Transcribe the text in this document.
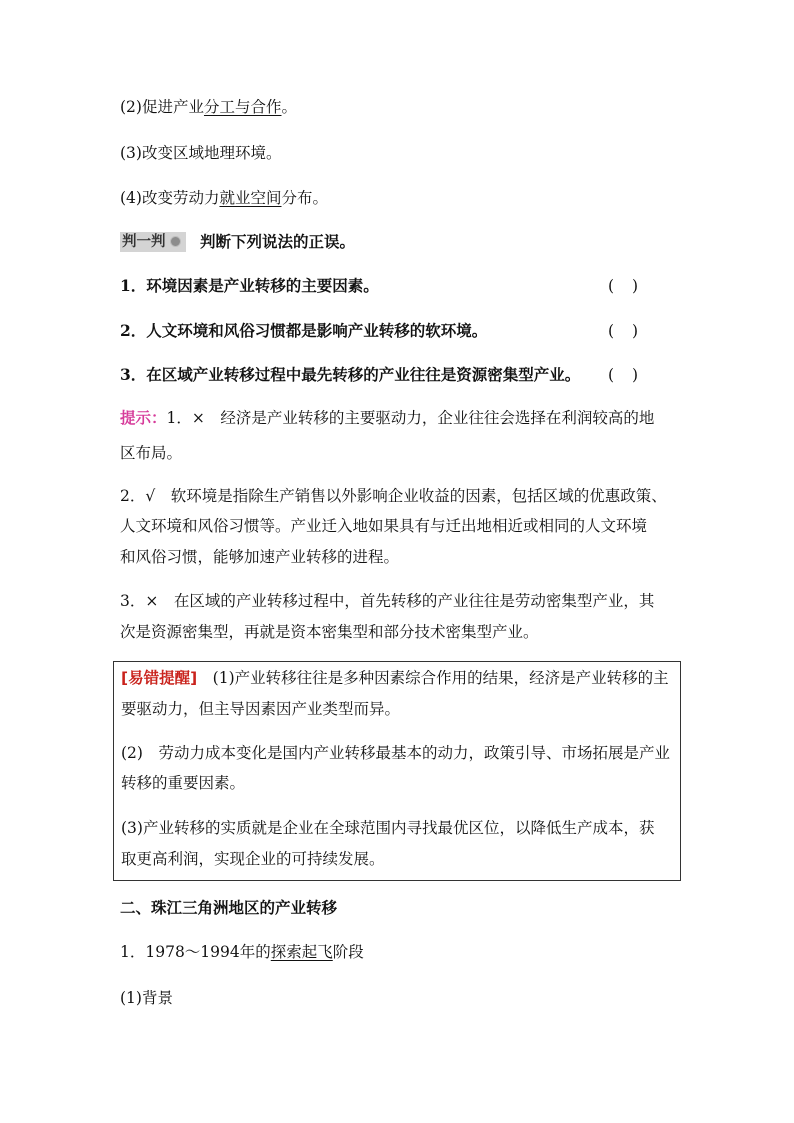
(2)促进产业分工与合作。
(3)改变区域地理环境。
(4)改变劳动力就业空间分布。
判一判	判断下列说法的正误。
1．环境因素是产业转移的主要因素。	()
2．人文环境和风俗习惯都是影响产业转移的软环境。	()
3．在区域产业转移过程中最先转移的产业往往是资源密集型产业。 ()
提示：1．×　经济是产业转移的主要驱动力，企业往往会选择在利润较高的地
区布局。
2．√　软环境是指除生产销售以外影响企业收益的因素，包括区域的优惠政策、
人文环境和风俗习惯等。产业迁入地如果具有与迁出地相近或相同的人文环境
和风俗习惯，能够加速产业转移的进程。
3．×　在区域的产业转移过程中，首先转移的产业往往是劳动密集型产业，其
次是资源密集型，再就是资本密集型和部分技术密集型产业。
[易错提醒]　(1)产业转移往往是多种因素综合作用的结果，经济是产业转移的主
要驱动力，但主导因素因产业类型而异。
(2)　劳动力成本变化是国内产业转移最基本的动力，政策引导、市场拓展是产业
转移的重要因素。
(3)产业转移的实质就是企业在全球范围内寻找最优区位，以降低生产成本，获
取更高利润，实现企业的可持续发展。
二、珠江三角洲地区的产业转移
1．1978～1994年的探索起飞阶段
(1)背景
